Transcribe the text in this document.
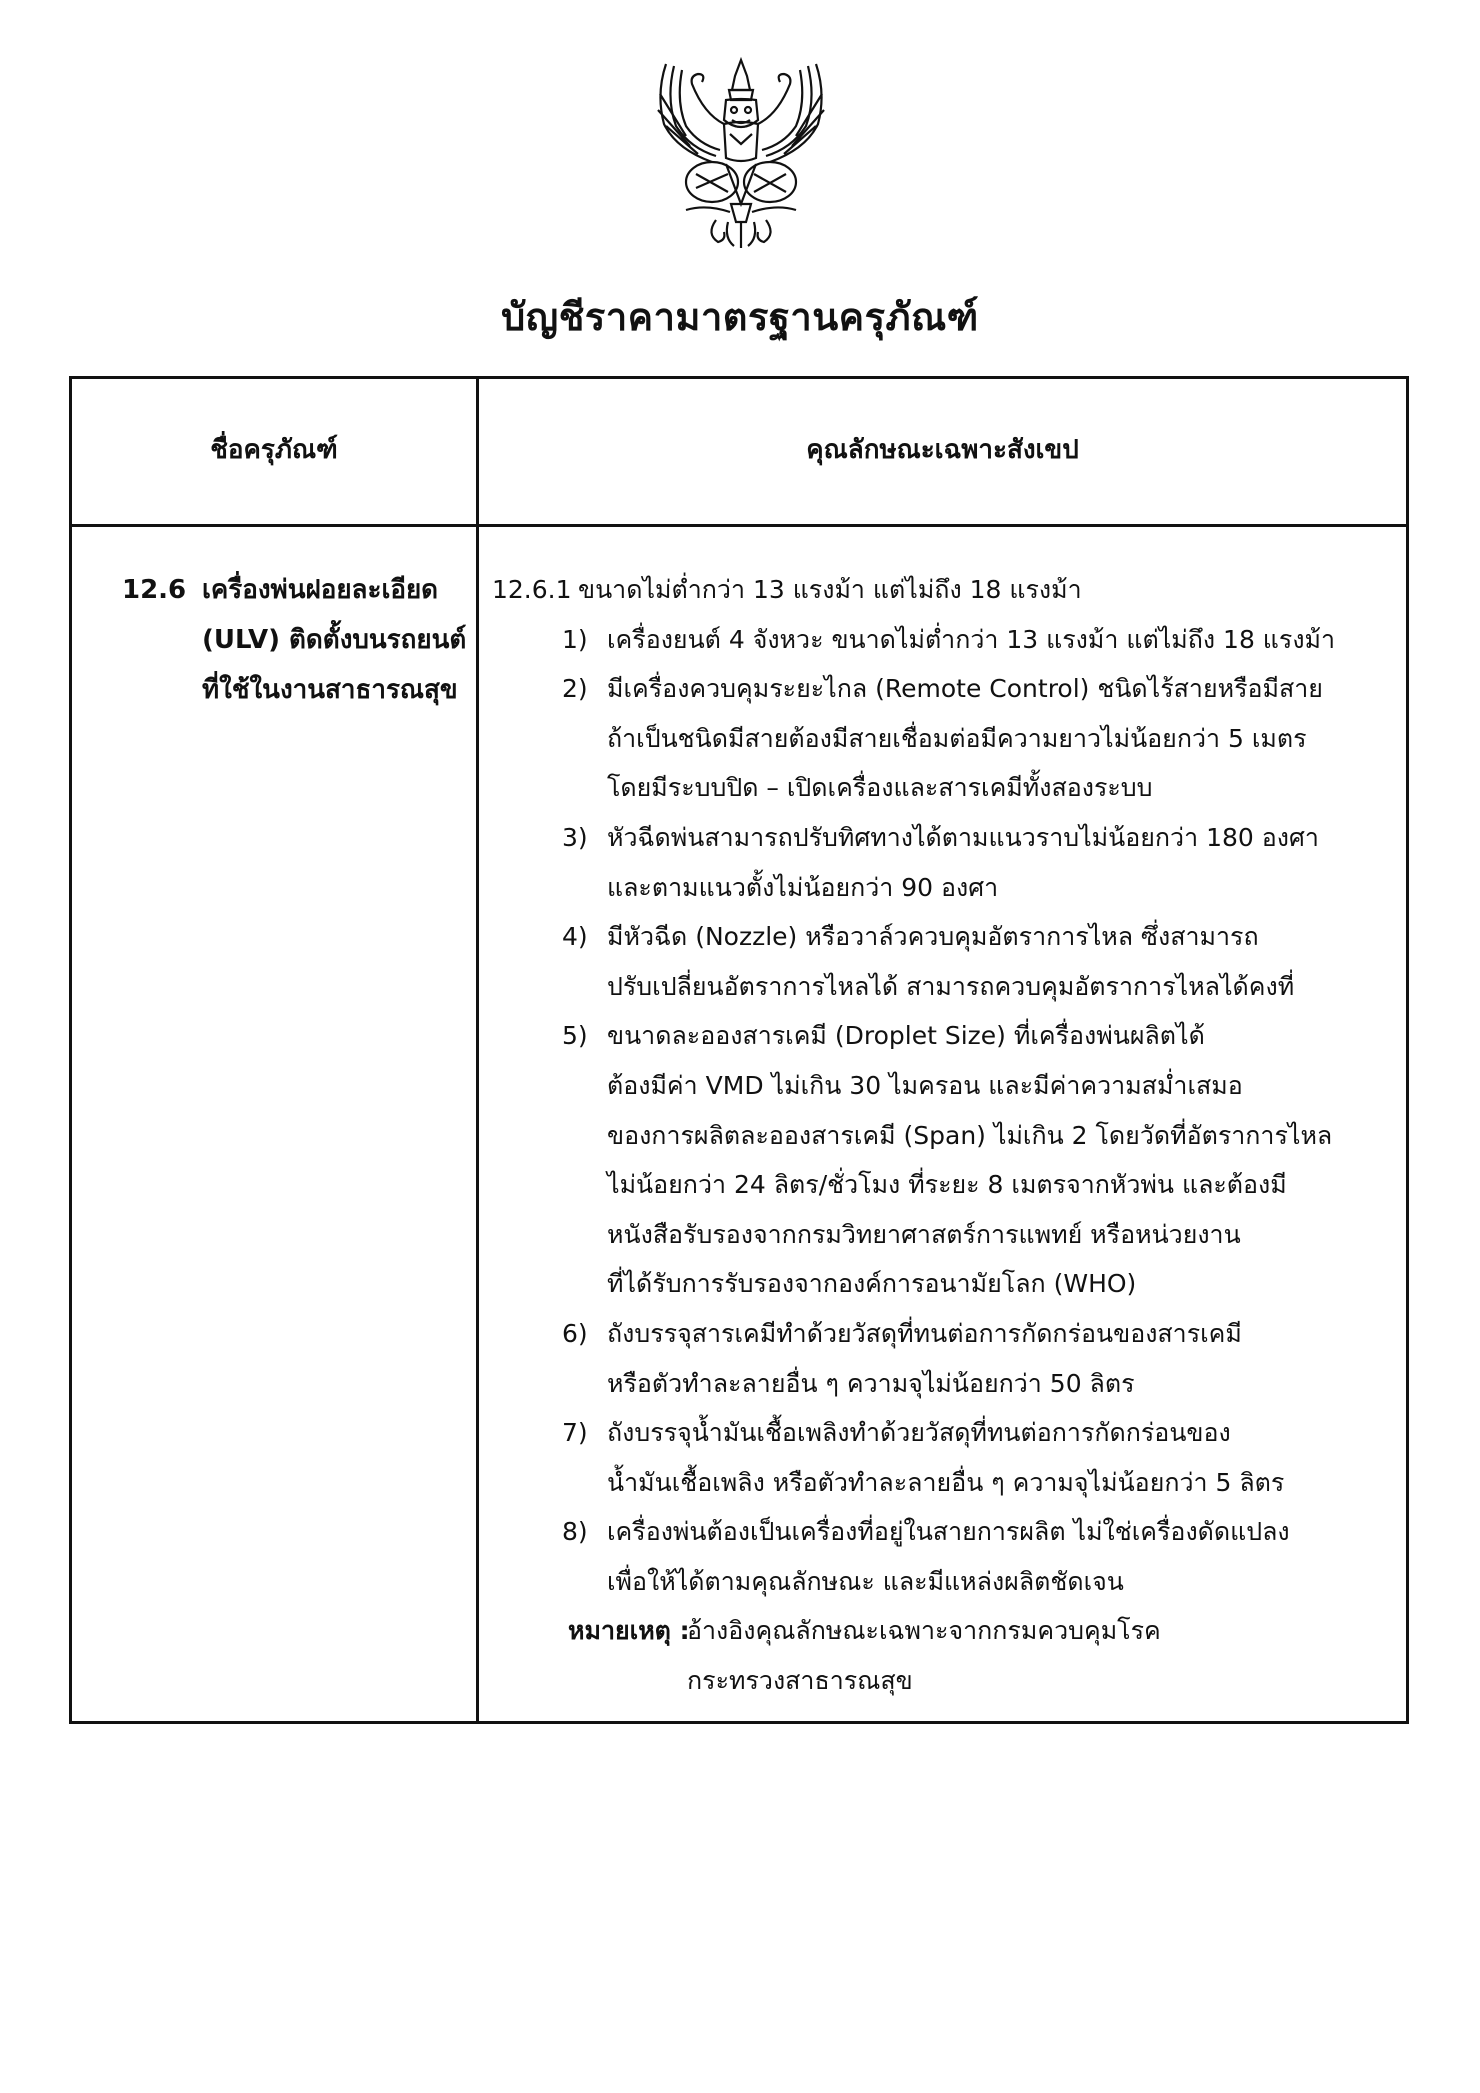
บัญชีราคามาตรฐานครุภัณฑ์
ชื่อครุภัณฑ์	คุณลักษณะเฉพาะสังเขป
12.6 เครื่องพ่นฝอยละเอียด
(ULV) ติดตั้งบนรถยนต์
ที่ใช้ในงานสาธารณสุข
12.6.1 ขนาดไม่ต่ำกว่า 13 แรงม้า แต่ไม่ถึง 18 แรงม้า
1) เครื่องยนต์ 4 จังหวะ ขนาดไม่ต่ำกว่า 13 แรงม้า แต่ไม่ถึง 18 แรงม้า
2) มีเครื่องควบคุมระยะไกล (Remote Control) ชนิดไร้สายหรือมีสาย
ถ้าเป็นชนิดมีสายต้องมีสายเชื่อมต่อมีความยาวไม่น้อยกว่า 5 เมตร
โดยมีระบบปิด – เปิดเครื่องและสารเคมีทั้งสองระบบ
3) หัวฉีดพ่นสามารถปรับทิศทางได้ตามแนวราบไม่น้อยกว่า 180 องศา
และตามแนวตั้งไม่น้อยกว่า 90 องศา
4) มีหัวฉีด (Nozzle) หรือวาล์วควบคุมอัตราการไหล ซึ่งสามารถ
ปรับเปลี่ยนอัตราการไหลได้ สามารถควบคุมอัตราการไหลได้คงที่
5) ขนาดละอองสารเคมี (Droplet Size) ที่เครื่องพ่นผลิตได้
ต้องมีค่า VMD ไม่เกิน 30 ไมครอน และมีค่าความสม่ำเสมอ
ของการผลิตละอองสารเคมี (Span) ไม่เกิน 2 โดยวัดที่อัตราการไหล
ไม่น้อยกว่า 24 ลิตร/ชั่วโมง ที่ระยะ 8 เมตรจากหัวพ่น และต้องมี
หนังสือรับรองจากกรมวิทยาศาสตร์การแพทย์ หรือหน่วยงาน
ที่ได้รับการรับรองจากองค์การอนามัยโลก (WHO)
6) ถังบรรจุสารเคมีทำด้วยวัสดุที่ทนต่อการกัดกร่อนของสารเคมี
หรือตัวทำละลายอื่น ๆ ความจุไม่น้อยกว่า 50 ลิตร
7) ถังบรรจุน้ำมันเชื้อเพลิงทำด้วยวัสดุที่ทนต่อการกัดกร่อนของ
น้ำมันเชื้อเพลิง หรือตัวทำละลายอื่น ๆ ความจุไม่น้อยกว่า 5 ลิตร
8) เครื่องพ่นต้องเป็นเครื่องที่อยู่ในสายการผลิต ไม่ใช่เครื่องดัดแปลง
เพื่อให้ได้ตามคุณลักษณะ และมีแหล่งผลิตชัดเจน
หมายเหตุ :
อ้างอิงคุณลักษณะเฉพาะจากกรมควบคุมโรค
กระทรวงสาธารณสุข
